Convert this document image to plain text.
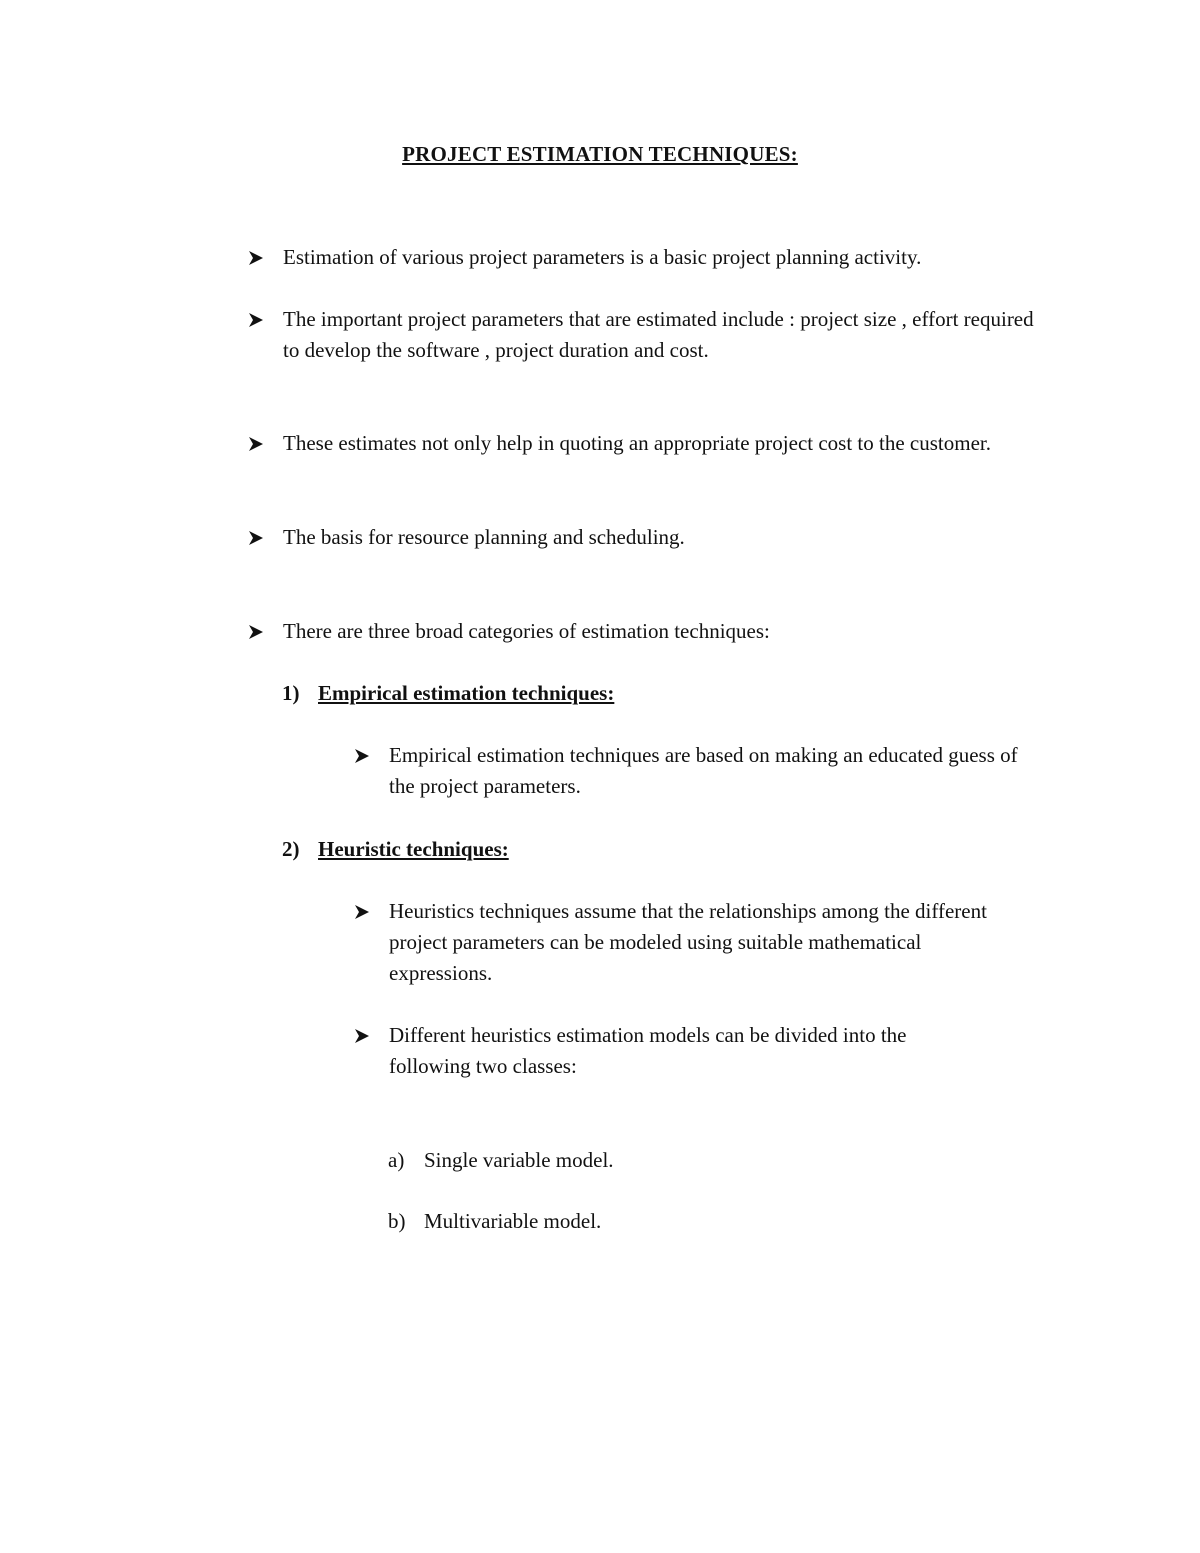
PROJECT ESTIMATION TECHNIQUES:
Estimation of various project parameters is a basic project planning activity.
The important project parameters that are estimated include : project size , effort required to develop the software , project duration and cost.
These estimates not only help in quoting an appropriate project cost to the customer.
The basis for resource planning and scheduling.
There are three broad categories of estimation techniques:
1) Empirical estimation techniques:
Empirical estimation techniques are based on making an educated guess of the project parameters.
2) Heuristic techniques:
Heuristics techniques assume that the relationships among the different project parameters can be modeled using suitable mathematical expressions.
Different heuristics estimation models can be divided into the following two classes:
a) Single variable model.
b) Multivariable model.
